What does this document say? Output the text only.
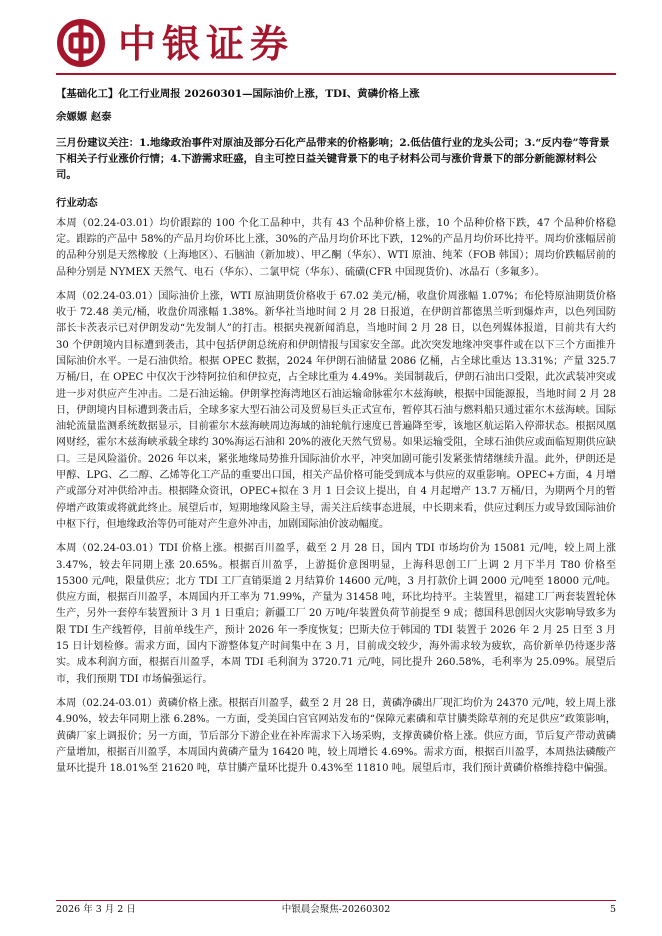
中银证券
【基础化工】化工行业周报 20260301—国际油价上涨，TDI、黄磷价格上涨
余嫄嫄 赵泰
三月份建议关注：1.地缘政治事件对原油及部分石化产品带来的价格影响；2.低估值行业的龙头公司；3.“反内卷”等背景下相关子行业涨价行情；4.下游需求旺盛，自主可控日益关键背景下的电子材料公司与涨价背景下的部分新能源材料公司。
行业动态
本周（02.24-03.01）均价跟踪的 100 个化工品种中，共有 43 个品种价格上涨，10 个品种价格下跌，47 个品种价格稳定。跟踪的产品中 58%的产品月均价环比上涨，30%的产品月均价环比下跌，12%的产品月均价环比持平。周均价涨幅居前的品种分别是天然橡胶（上海地区）、石脑油（新加坡）、甲乙酮（华东）、WTI 原油、纯苯（FOB 韩国）；周均价跌幅居前的品种分别是 NYMEX 天然气、电石（华东）、二氯甲烷（华东）、硫磺(CFR 中国现货价)、冰晶石（多氟多）。
本周（02.24-03.01）国际油价上涨，WTI 原油期货价格收于 67.02 美元/桶，收盘价周涨幅 1.07%；布伦特原油期货价格收于 72.48 美元/桶，收盘价周涨幅 1.38%。新华社当地时间 2 月 28 日报道，在伊朗首都德黑兰听到爆炸声，以色列国防部长卡茨表示已对伊朗发动“先发制人”的打击。根据央视新闻消息，当地时间 2 月 28 日，以色列媒体报道，目前共有大约 30 个伊朗境内目标遭到袭击，其中包括伊朗总统府和伊朗情报与国家安全部。此次突发地缘冲突事件或在以下三个方面推升国际油价水平。一是石油供给。根据 OPEC 数据，2024 年伊朗石油储量 2086 亿桶，占全球比重达 13.31%；产量 325.7 万桶/日，在 OPEC 中仅次于沙特阿拉伯和伊拉克，占全球比重为 4.49%。美国制裁后，伊朗石油出口受限，此次武装冲突或进一步对供应产生冲击。二是石油运输。伊朗掌控海湾地区石油运输命脉霍尔木兹海峡，根据中国能源报，当地时间 2 月 28 日，伊朗境内目标遭到袭击后，全球多家大型石油公司及贸易巨头正式宣布，暂停其石油与燃料船只通过霍尔木兹海峡。国际油轮流量监测系统数据显示，目前霍尔木兹海峡周边海域的油轮航行速度已普遍降至零，该地区航运陷入停滞状态。根据凤凰网财经，霍尔木兹海峡承载全球约 30%海运石油和 20%的液化天然气贸易。如果运输受阻，全球石油供应或面临短期供应缺口。三是风险溢价。2026 年以来，紧张地缘局势推升国际油价水平，冲突加剧可能引发紧张情绪继续升温。此外，伊朗还是甲醇、LPG、乙二醇、乙烯等化工产品的重要出口国，相关产品价格可能受到成本与供应的双重影响。OPEC+方面，4 月增产或部分对冲供给冲击。根据隆众资讯，OPEC+拟在 3 月 1 日会议上提出，自 4 月起增产 13.7 万桶/日，为期两个月的暂停增产政策或将就此终止。展望后市，短期地缘风险主导，需关注后续事态进展，中长期来看，供应过剩压力或导致国际油价中枢下行，但地缘政治等仍可能对产生意外冲击，加剧国际油价波动幅度。
本周（02.24-03.01）TDI 价格上涨。根据百川盈孚，截至 2 月 28 日，国内 TDI 市场均价为 15081 元/吨，较上周上涨 3.47%，较去年同期上涨 20.65%。根据百川盈孚，上游挺价意图明显，上海科思创工厂上调 2 月下半月 T80 价格至 15300 元/吨，限量供应；北方 TDI 工厂直销渠道 2 月结算价 14600 元/吨，3 月打款价上调 2000 元/吨至 18000 元/吨。供应方面，根据百川盈孚，本周国内开工率为 71.99%，产量为 31458 吨，环比均持平。主装置里，福建工厂两套装置轮休生产，另外一套停车装置预计 3 月 1 日重启；新疆工厂 20 万吨/年装置负荷节前提至 9 成；德国科思创因火灾影响导致多为限 TDI 生产线暂停，目前单线生产，预计 2026 年一季度恢复；巴斯夫位于韩国的 TDI 装置于 2026 年 2 月 25 日至 3 月 15 日计划检修。需求方面，国内下游整体复产时间集中在 3 月，目前成交较少，海外需求较为疲软，高价新单仍待逐步落实。成本利润方面，根据百川盈孚，本周 TDI 毛利润为 3720.71 元/吨，同比提升 260.58%，毛利率为 25.09%。展望后市，我们预期 TDI 市场偏强运行。
本周（02.24-03.01）黄磷价格上涨。根据百川盈孚，截至 2 月 28 日，黄磷净磷出厂现汇均价为 24370 元/吨，较上周上涨 4.90%，较去年同期上涨 6.28%。一方面，受美国白宫官网站发布的“保障元素磷和草甘膦类除草剂的充足供应”政策影响，黄磷厂家上调报价；另一方面，节后部分下游企业在补库需求下入场采购，支撑黄磷价格上涨。供应方面，节后复产带动黄磷产量增加，根据百川盈孚，本周国内黄磷产量为 16420 吨，较上周增长 4.69%。需求方面，根据百川盈孚，本周热法磷酸产量环比提升 18.01%至 21620 吨，草甘膦产量环比提升 0.43%至 11810 吨。展望后市，我们预计黄磷价格维持稳中偏强。
2026 年 3 月 2 日	中银晨会聚焦-20260302	5
